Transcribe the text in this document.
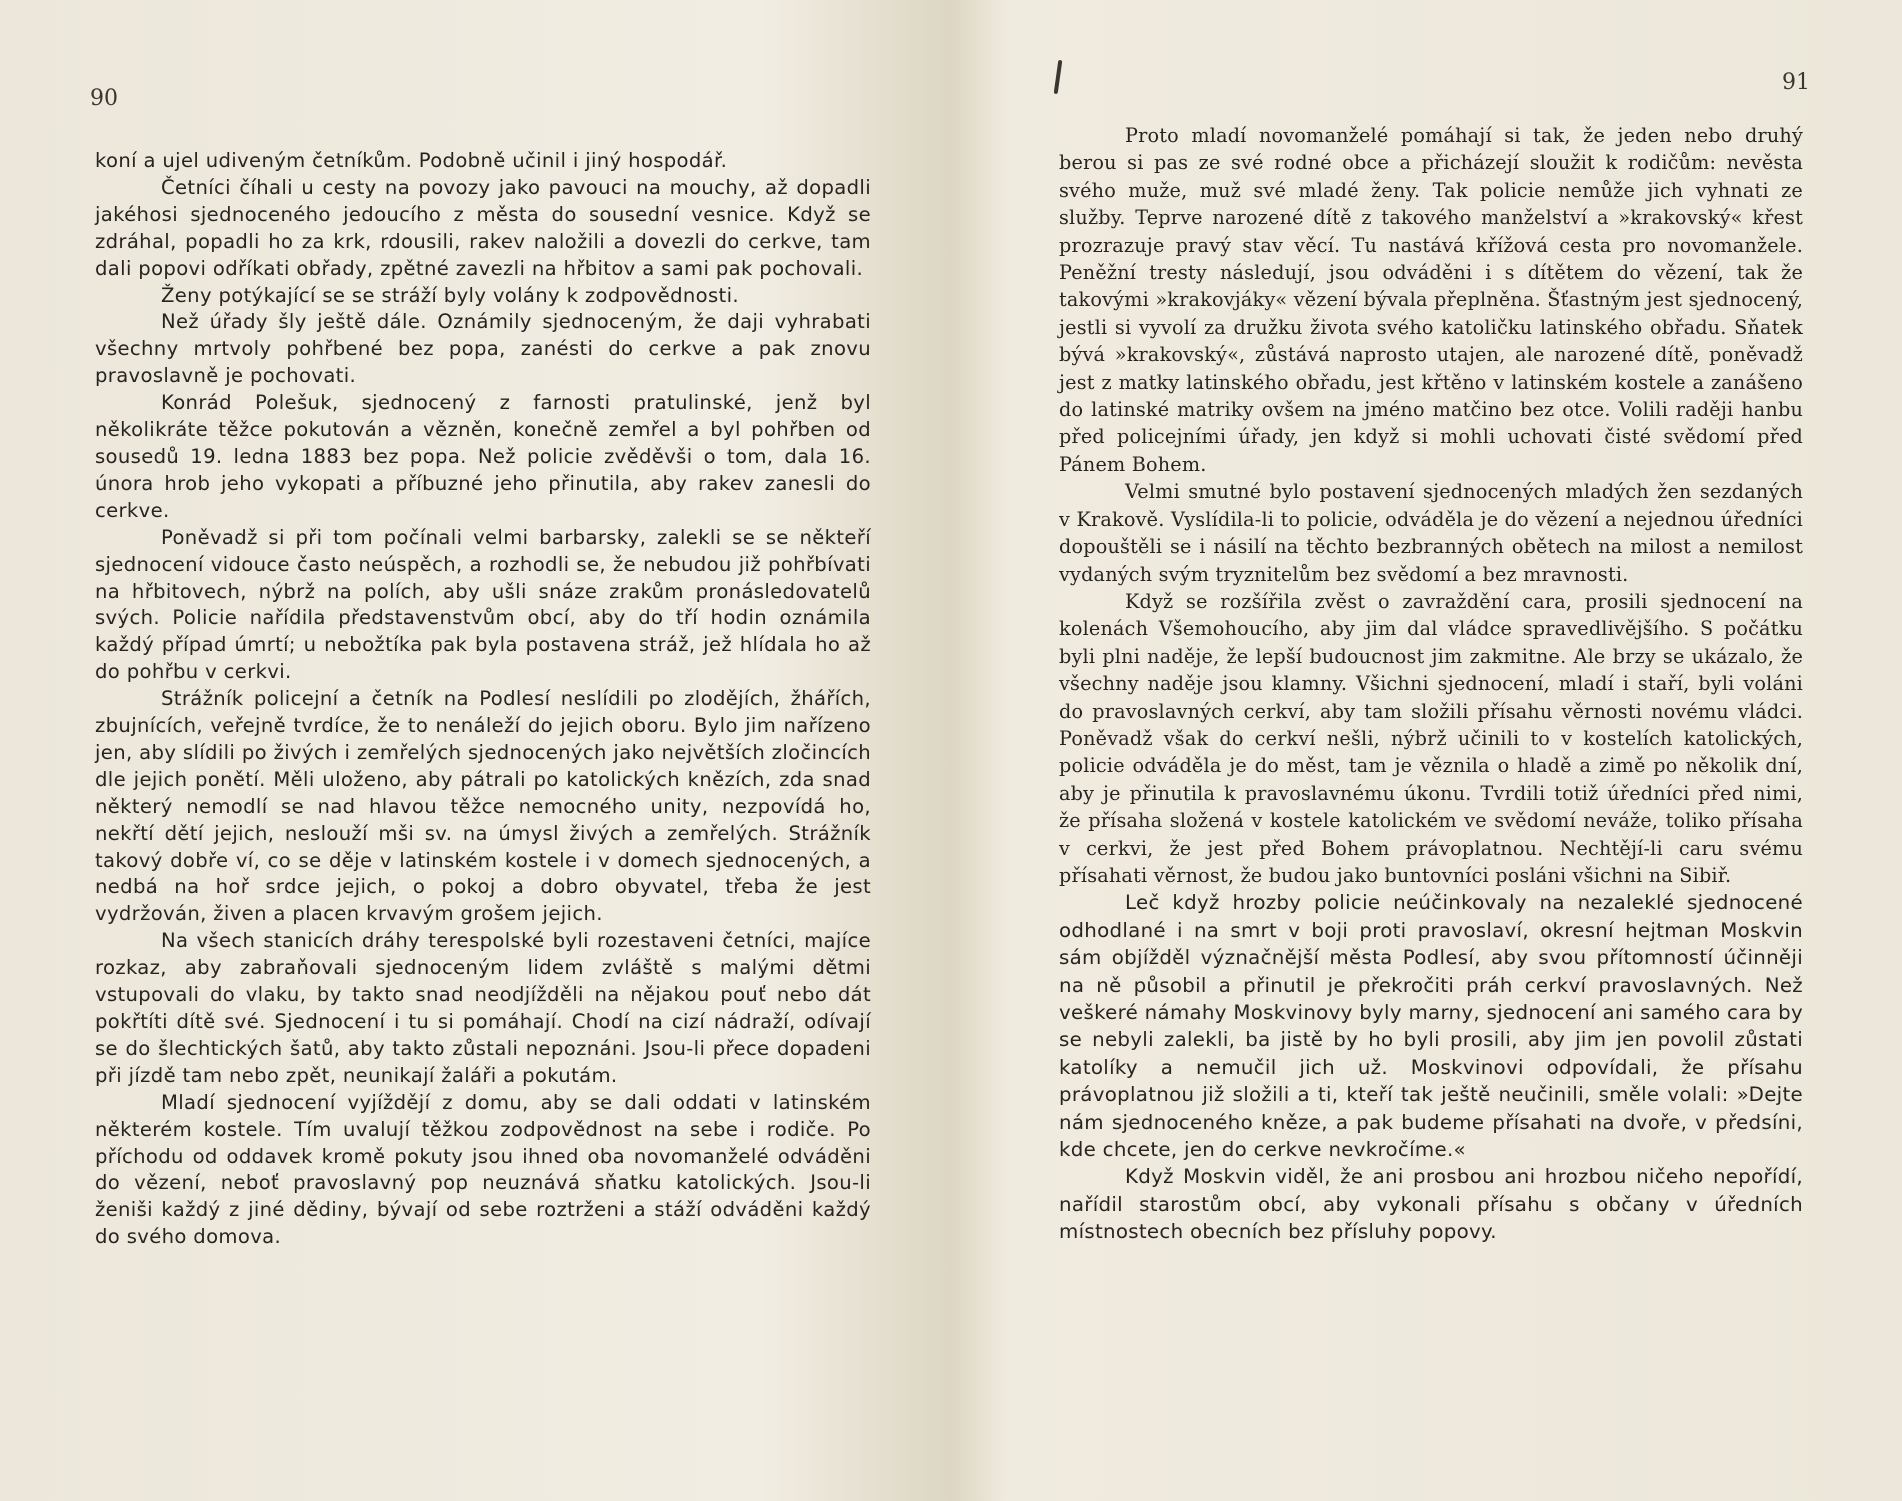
90

koní a ujel udiveným četníkům. Podobně učinil i jiný hospodář.

Četníci číhali u cesty na povozy jako pavouci na mouchy, až dopadli jakéhosi sjednoceného jedoucího z města do sousední vesnice. Když se zdráhal, popadli ho za krk, rdousili, rakev naložili a dovezli do cerkve, tam dali popovi odříkati obřady, zpětné zavezli na hřbitov a sami pak pochovali.

Ženy potýkající se se stráží byly volány k zodpovědnosti.

Než úřady šly ještě dále. Oznámily sjednoceným, že daji vyhrabati všechny mrtvoly pohřbené bez popa, zanésti do cerkve a pak znovu pravoslavně je pochovati.

Konrád Polešuk, sjednocený z farnosti pratulinské, jenž byl několikráte těžce pokutován a vězněn, konečně zemřel a byl pohřben od sousedů 19. ledna 1883 bez popa. Než policie zvěděvši o tom, dala 16. února hrob jeho vykopati a příbuzné jeho přinutila, aby rakev zanesli do cerkve.

Poněvadž si při tom počínali velmi barbarsky, zalekli se se někteří sjednocení vidouce často neúspěch, a rozhodli se, že nebudou již pohřbívati na hřbitovech, nýbrž na polích, aby ušli snáze zrakům pronásledovatelů svých. Policie nařídila představenstvům obcí, aby do tří hodin oznámila každý případ úmrtí; u nebožtíka pak byla postavena stráž, jež hlídala ho až do pohřbu v cerkvi.

Strážník policejní a četník na Podlesí neslídili po zlodějích, žhářích, zbujnících, veřejně tvrdíce, že to nenáleží do jejich oboru. Bylo jim nařízeno jen, aby slídili po živých i zemřelých sjednocených jako největších zločincích dle jejich ponětí. Měli uloženo, aby pátrali po katolických knězích, zda snad některý nemodlí se nad hlavou těžce nemocného unity, nezpovídá ho, nekřtí dětí jejich, neslouží mši sv. na úmysl živých a zemřelých. Strážník takový dobře ví, co se děje v latinském kostele i v domech sjednocených, a nedbá na hoř srdce jejich, o pokoj a dobro obyvatel, třeba že jest vydržován, živen a placen krvavým grošem jejich.

Na všech stanicích dráhy terespolské byli rozestaveni četníci, majíce rozkaz, aby zabraňovali sjednoceným lidem zvláště s malými dětmi vstupovali do vlaku, by takto snad neodjížděli na nějakou pouť nebo dát pokřtíti dítě své. Sjednocení i tu si pomáhají. Chodí na cizí nádraží, odívají se do šlechtických šatů, aby takto zůstali nepoznáni. Jsou-li přece dopadeni při jízdě tam nebo zpět, neunikají žaláři a pokutám.

Mladí sjednocení vyjíždějí z domu, aby se dali oddati v latinském některém kostele. Tím uvalují těžkou zodpovědnost na sebe i rodiče. Po příchodu od oddavek kromě pokuty jsou ihned oba novomanželé odváděni do vězení, neboť pravoslavný pop neuznává sňatku katolických. Jsou-li ženiši každý z jiné dědiny, bývají od sebe roztrženi a stáží odváděni každý do svého domova.

91

Proto mladí novomanželé pomáhají si tak, že jeden nebo druhý berou si pas ze své rodné obce a přicházejí sloužit k rodičům: nevěsta svého muže, muž své mladé ženy. Tak policie nemůže jich vyhnati ze služby. Teprve narozené dítě z takového manželství a »krakovský« křest prozrazuje pravý stav věcí. Tu nastává křížová cesta pro novomanžele. Peněžní tresty následují, jsou odváděni i s dítětem do vězení, tak že takovými »krakovjáky« vězení bývala přeplněna. Šťastným jest sjednocený, jestli si vyvolí za družku života svého katoličku latinského obřadu. Sňatek bývá »krakovský«, zůstává naprosto utajen, ale narozené dítě, poněvadž jest z matky latinského obřadu, jest křtěno v latinském kostele a zanášeno do latinské matriky ovšem na jméno matčino bez otce. Volili raději hanbu před policejními úřady, jen když si mohli uchovati čisté svědomí před Pánem Bohem.

Velmi smutné bylo postavení sjednocených mladých žen sezdaných v Krakově. Vyslídila-li to policie, odváděla je do vězení a nejednou úředníci dopouštěli se i násilí na těchto bezbranných obětech na milost a nemilost vydaných svým tryznitelům bez svědomí a bez mravnosti.

Když se rozšířila zvěst o zavraždění cara, prosili sjednocení na kolenách Všemohoucího, aby jim dal vládce spravedlivějšího. S počátku byli plni naděje, že lepší budoucnost jim zakmitne. Ale brzy se ukázalo, že všechny naděje jsou klamny. Všichni sjednocení, mladí i staří, byli voláni do pravoslavných cerkví, aby tam složili přísahu věrnosti novému vládci. Poněvadž však do cerkví nešli, nýbrž učinili to v kostelích katolických, policie odváděla je do měst, tam je věznila o hladě a zimě po několik dní, aby je přinutila k pravoslavnému úkonu. Tvrdili totiž úředníci před nimi, že přísaha složená v kostele katolickém ve svědomí neváže, toliko přísaha v cerkvi, že jest před Bohem právoplatnou. Nechtějí-li caru svému přísahati věrnost, že budou jako buntovníci posláni všichni na Sibiř.

Leč když hrozby policie neúčinkovaly na nezaleklé sjednocené odhodlané i na smrt v boji proti pravoslaví, okresní hejtman Moskvin sám objížděl význačnější města Podlesí, aby svou přítomností účinněji na ně působil a přinutil je překročiti práh cerkví pravoslavných. Než veškeré námahy Moskvinovy byly marny, sjednocení ani samého cara by se nebyli zalekli, ba jistě by ho byli prosili, aby jim jen povolil zůstati katolíky a nemučil jich už. Moskvinovi odpovídali, že přísahu právoplatnou již složili a ti, kteří tak ještě neučinili, směle volali: »Dejte nám sjednoceného kněze, a pak budeme přísahati na dvoře, v předsíni, kde chcete, jen do cerkve nevkročíme.«

Když Moskvin viděl, že ani prosbou ani hrozbou ničeho nepořídí, nařídil starostům obcí, aby vykonali přísahu s občany v úředních místnostech obecních bez přísluhy popovy.
